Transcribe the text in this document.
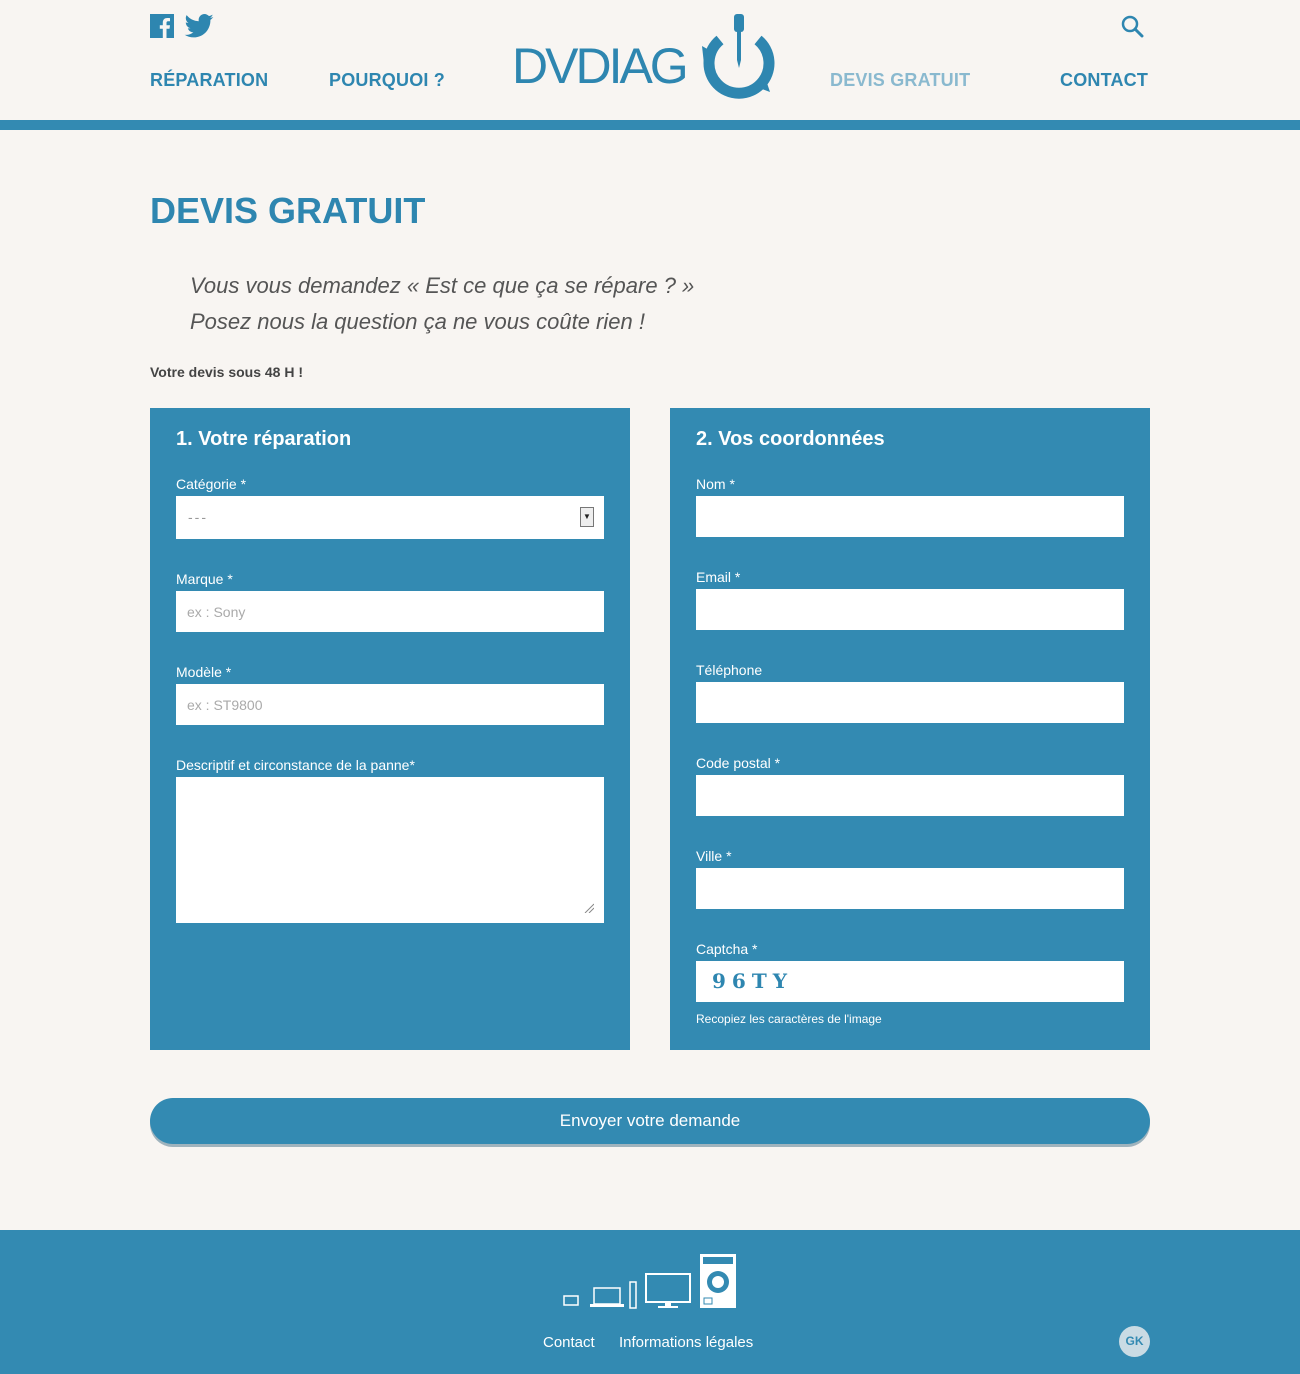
RÉPARATION	POURQUOI ?	DEVIS GRATUIT	CONTACT
DVDIAG
DEVIS GRATUIT
Vous vous demandez « Est ce que ça se répare ? »
Posez nous la question ça ne vous coûte rien !
Votre devis sous 48 H !
1. Votre réparation
Catégorie *
---	▼
Marque *
ex : Sony
Modèle *
ex : ST9800
Descriptif et circonstance de la panne*
2. Vos coordonnées
Nom *
Email *
Téléphone
Code postal *
Ville *
Captcha *
96TY
Recopiez les caractères de l'image
Envoyer votre demande
Contact Informations légales	GK
